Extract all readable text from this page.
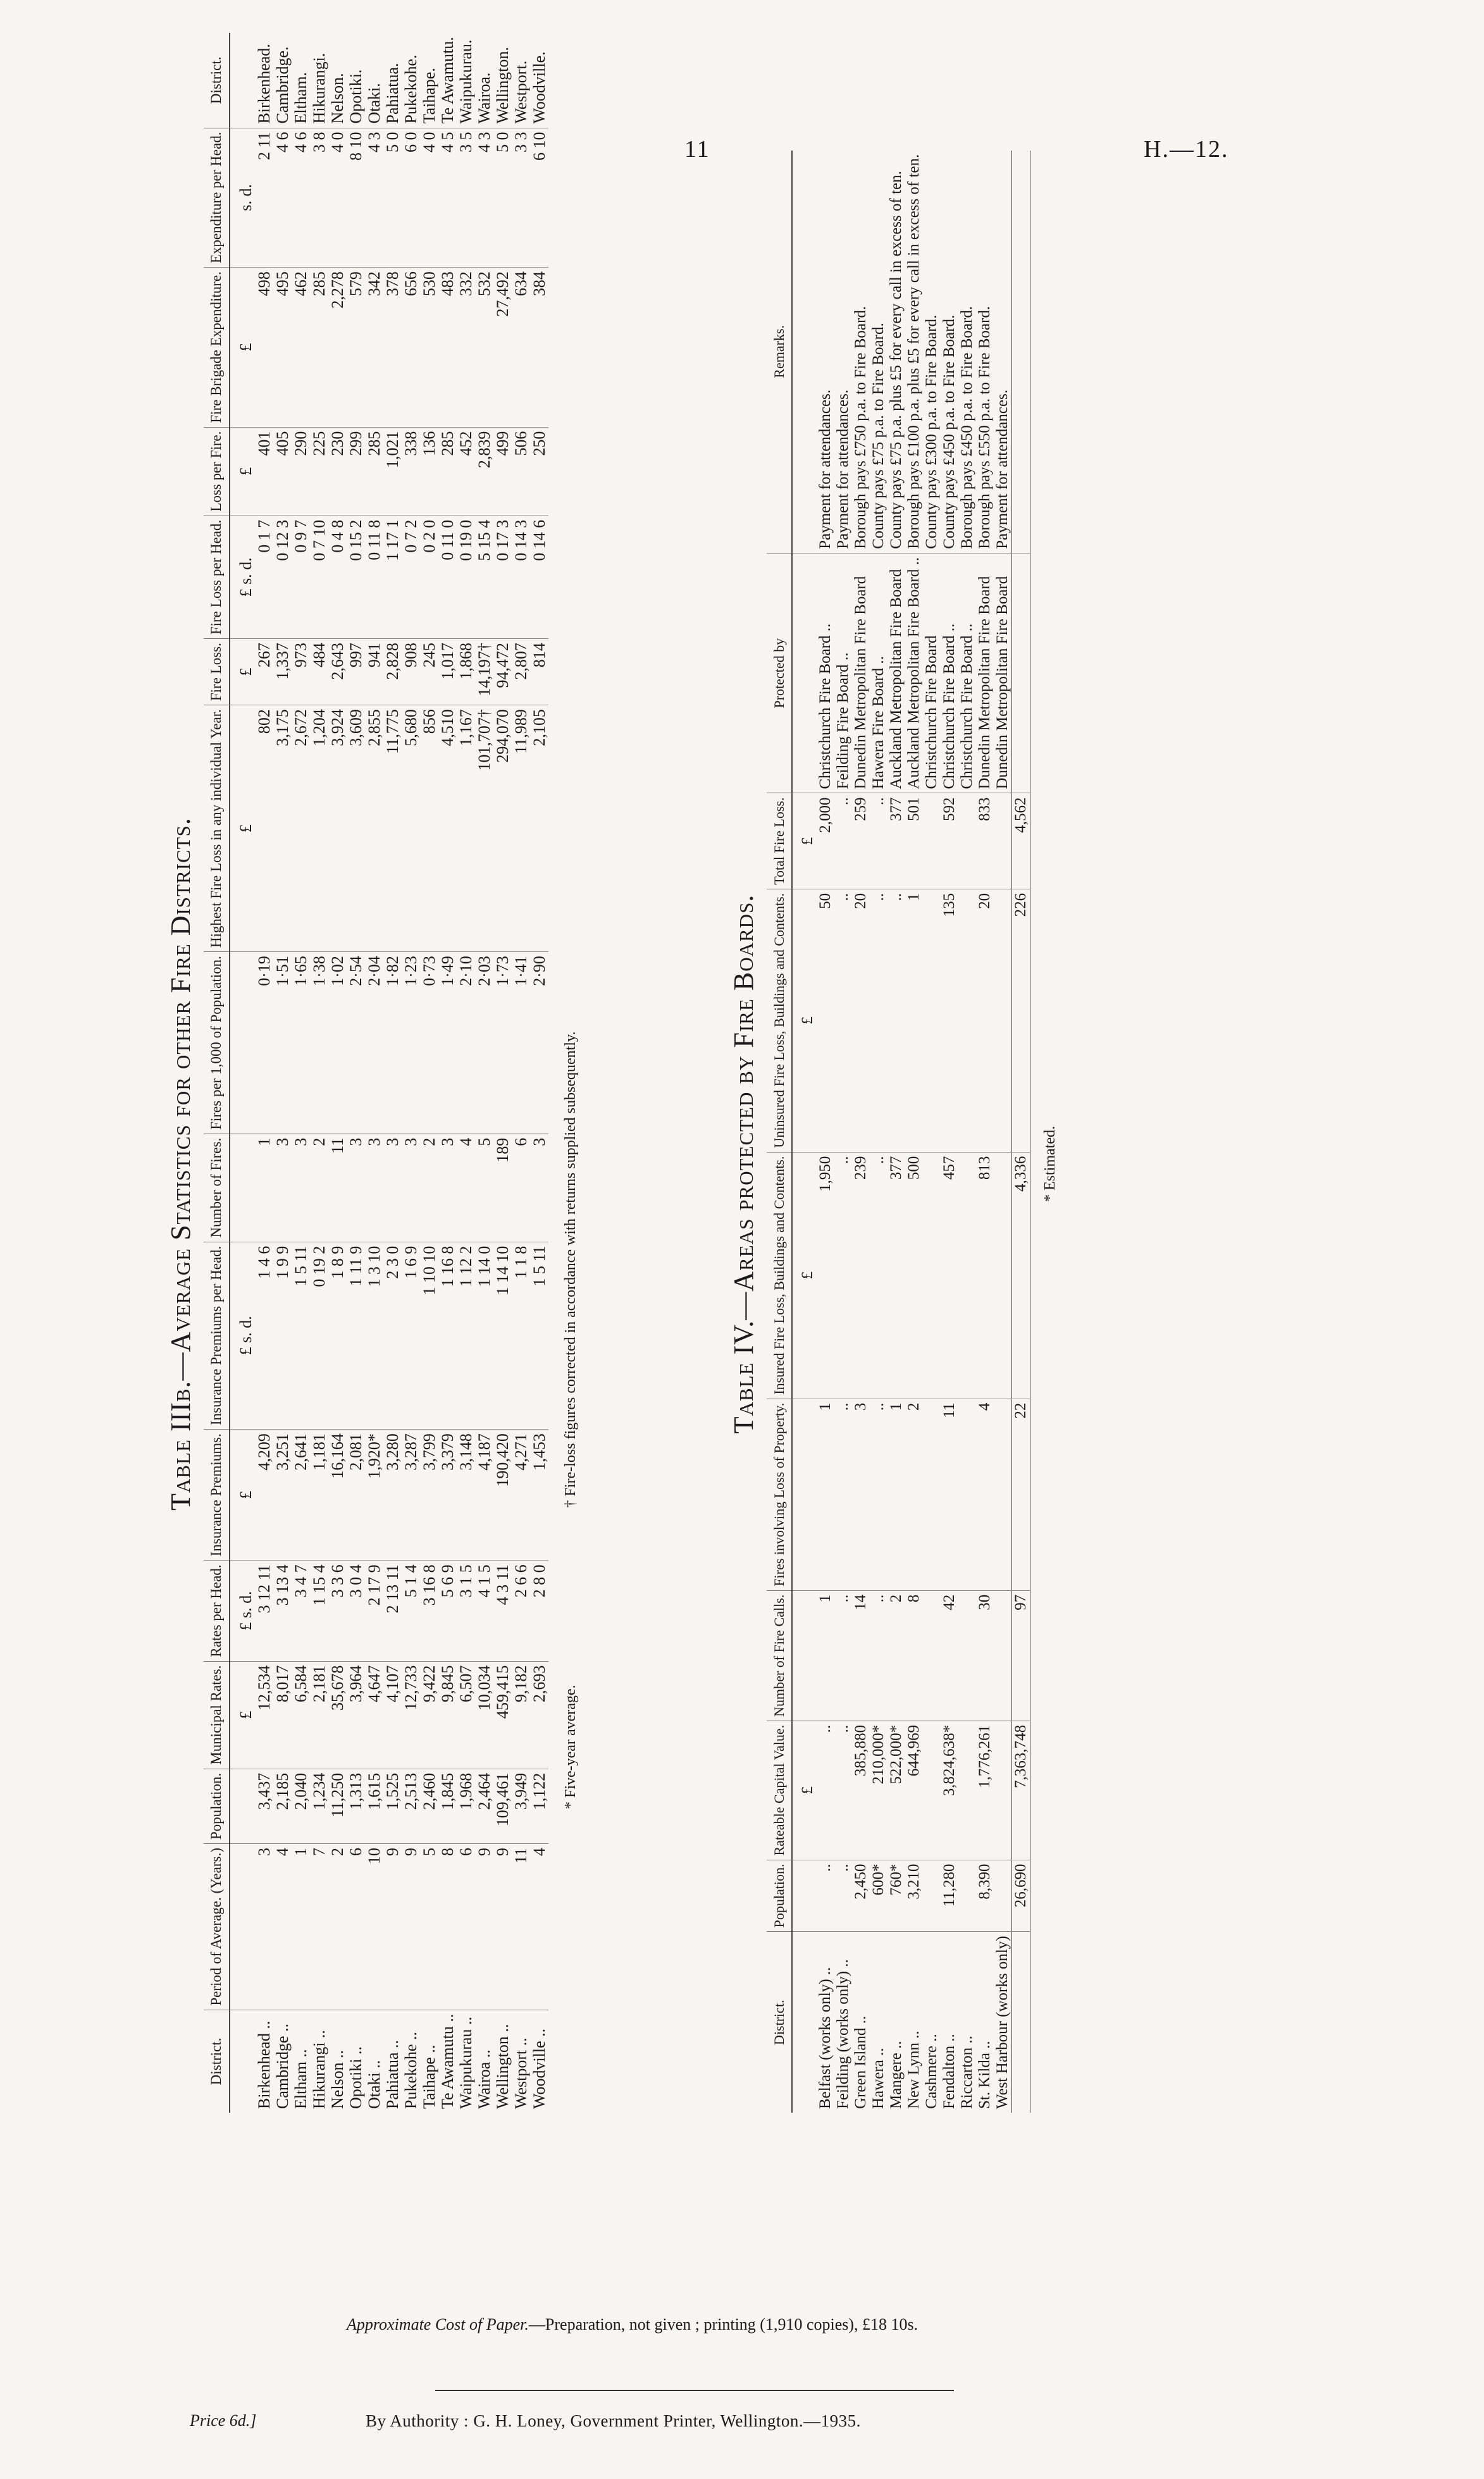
11	H.—12.
Table IIIb.—Average Statistics for other Fire Districts.
District.	Period of Average. (Years.)	Population.	Municipal Rates.	Rates per Head.	Insurance Premiums.	Insurance Premiums per Head.	Number of Fires.	Fires per 1,000 of Population.	Highest Fire Loss in any individual Year.	Fire Loss.	Fire Loss per Head.	Loss per Fire.	Fire Brigade Expenditure.	Expenditure per Head.	District.
			£	£ s. d.	£	£ s. d.			£	£	£ s. d.	£	£	s. d.	
Birkenhead ..	3	3,437	12,534	3 12 11	4,209	1 4 6	1	0·19	802	267	0 1 7	401	498	2 11	Birkenhead.
Cambridge ..	4	2,185	8,017	3 13 4	3,251	1 9 9	3	1·51	3,175	1,337	0 12 3	405	495	4 6	Cambridge.
Eltham ..	1	2,040	6,584	3 4 7	2,641	1 5 11	3	1·65	2,672	973	0 9 7	290	462	4 6	Eltham.
Hikurangi ..	7	1,234	2,181	1 15 4	1,181	0 19 2	2	1·38	1,204	484	0 7 10	225	285	3 8	Hikurangi.
Nelson ..	2	11,250	35,678	3 3 6	16,164	1 8 9	11	1·02	3,924	2,643	0 4 8	230	2,278	4 0	Nelson.
Opotiki ..	6	1,313	3,964	3 0 4	2,081	1 11 9	3	2·54	3,609	997	0 15 2	299	579	8 10	Opotiki.
Otaki ..	10	1,615	4,647	2 17 9	1,920*	1 3 10	3	2·04	2,855	941	0 11 8	285	342	4 3	Otaki.
Pahiatua ..	9	1,525	4,107	2 13 11	3,280	2 3 0	3	1·82	11,775	2,828	1 17 1	1,021	378	5 0	Pahiatua.
Pukekohe ..	9	2,513	12,733	5 1 4	3,287	1 6 9	3	1·23	5,680	908	0 7 2	338	656	6 0	Pukekohe.
Taihape ..	5	2,460	9,422	3 16 8	3,799	1 10 10	2	0·73	856	245	0 2 0	136	530	4 0	Taihape.
Te Awamutu ..	8	1,845	9,845	5 6 9	3,379	1 16 8	3	1·49	4,510	1,017	0 11 0	285	483	4 5	Te Awamutu.
Waipukurau ..	6	1,968	6,507	3 1 5	3,148	1 12 2	4	2·10	1,167	1,868	0 19 0	452	332	3 5	Waipukurau.
Wairoa ..	9	2,464	10,034	4 1 5	4,187	1 14 0	5	2·03	101,707†	14,197†	5 15 4	2,839	532	4 3	Wairoa.
Wellington ..	9	109,461	459,415	4 3 11	190,420	1 14 10	189	1·73	294,070	94,472	0 17 3	499	27,492	5 0	Wellington.
Westport ..	11	3,949	9,182	2 6 6	4,271	1 1 8	6	1·41	11,989	2,807	0 14 3	506	634	3 3	Westport.
Woodville ..	4	1,122	2,693	2 8 0	1,453	1 5 11	3	2·90	2,105	814	0 14 6	250	384	6 10	Woodville.
* Five-year average.
† Fire-loss figures corrected in accordance with returns supplied subsequently.	Table IV.—Areas protected by Fire Boards.
District.	Population.	Rateable Capital Value.	Number of Fire Calls.	Fires involving Loss of Property.	Insured Fire Loss, Buildings and Contents.	Uninsured Fire Loss, Buildings and Contents.	Total Fire Loss.	Protected by	Remarks.
		£			£	£	£		
Belfast (works only) ..	..	..	1	1	1,950	50	2,000	Christchurch Fire Board ..	Payment for attendances.
Feilding (works only) ..	..	..	..	..	..	..	..	Feilding Fire Board ..	Payment for attendances.
Green Island ..	2,450	385,880	14	3	239	20	259	Dunedin Metropolitan Fire Board	Borough pays £750 p.a. to Fire Board.
Hawera ..	600*	210,000*	..	..	..	..	..	Hawera Fire Board ..	County pays £75 p.a. to Fire Board.
Mangere ..	760*	522,000*	2	1	377	..	377	Auckland Metropolitan Fire Board	County pays £75 p.a. plus £5 for every call in excess of ten.
New Lynn ..	3,210	644,969	8	2	500	1	501	Auckland Metropolitan Fire Board ..	Borough pays £100 p.a. plus £5 for every call in excess of ten.
Cashmere ..								Christchurch Fire Board	County pays £300 p.a. to Fire Board.
Fendalton ..	11,280	3,824,638*	42	11	457	135	592	Christchurch Fire Board ..	County pays £450 p.a. to Fire Board.
Riccarton ..								Christchurch Fire Board ..	Borough pays £450 p.a. to Fire Board.
St. Kilda ..	8,390	1,776,261	30	4	813	20	833	Dunedin Metropolitan Fire Board	Borough pays £550 p.a. to Fire Board.
West Harbour (works only)								Dunedin Metropolitan Fire Board	Payment for attendances.
	26,690	7,363,748	97	22	4,336	226	4,562		
* Estimated.
Approximate Cost of Paper.—Preparation, not given ; printing (1,910 copies), £18 10s.
Price 6d.]	By Authority : G. H. Loney, Government Printer, Wellington.—1935.
